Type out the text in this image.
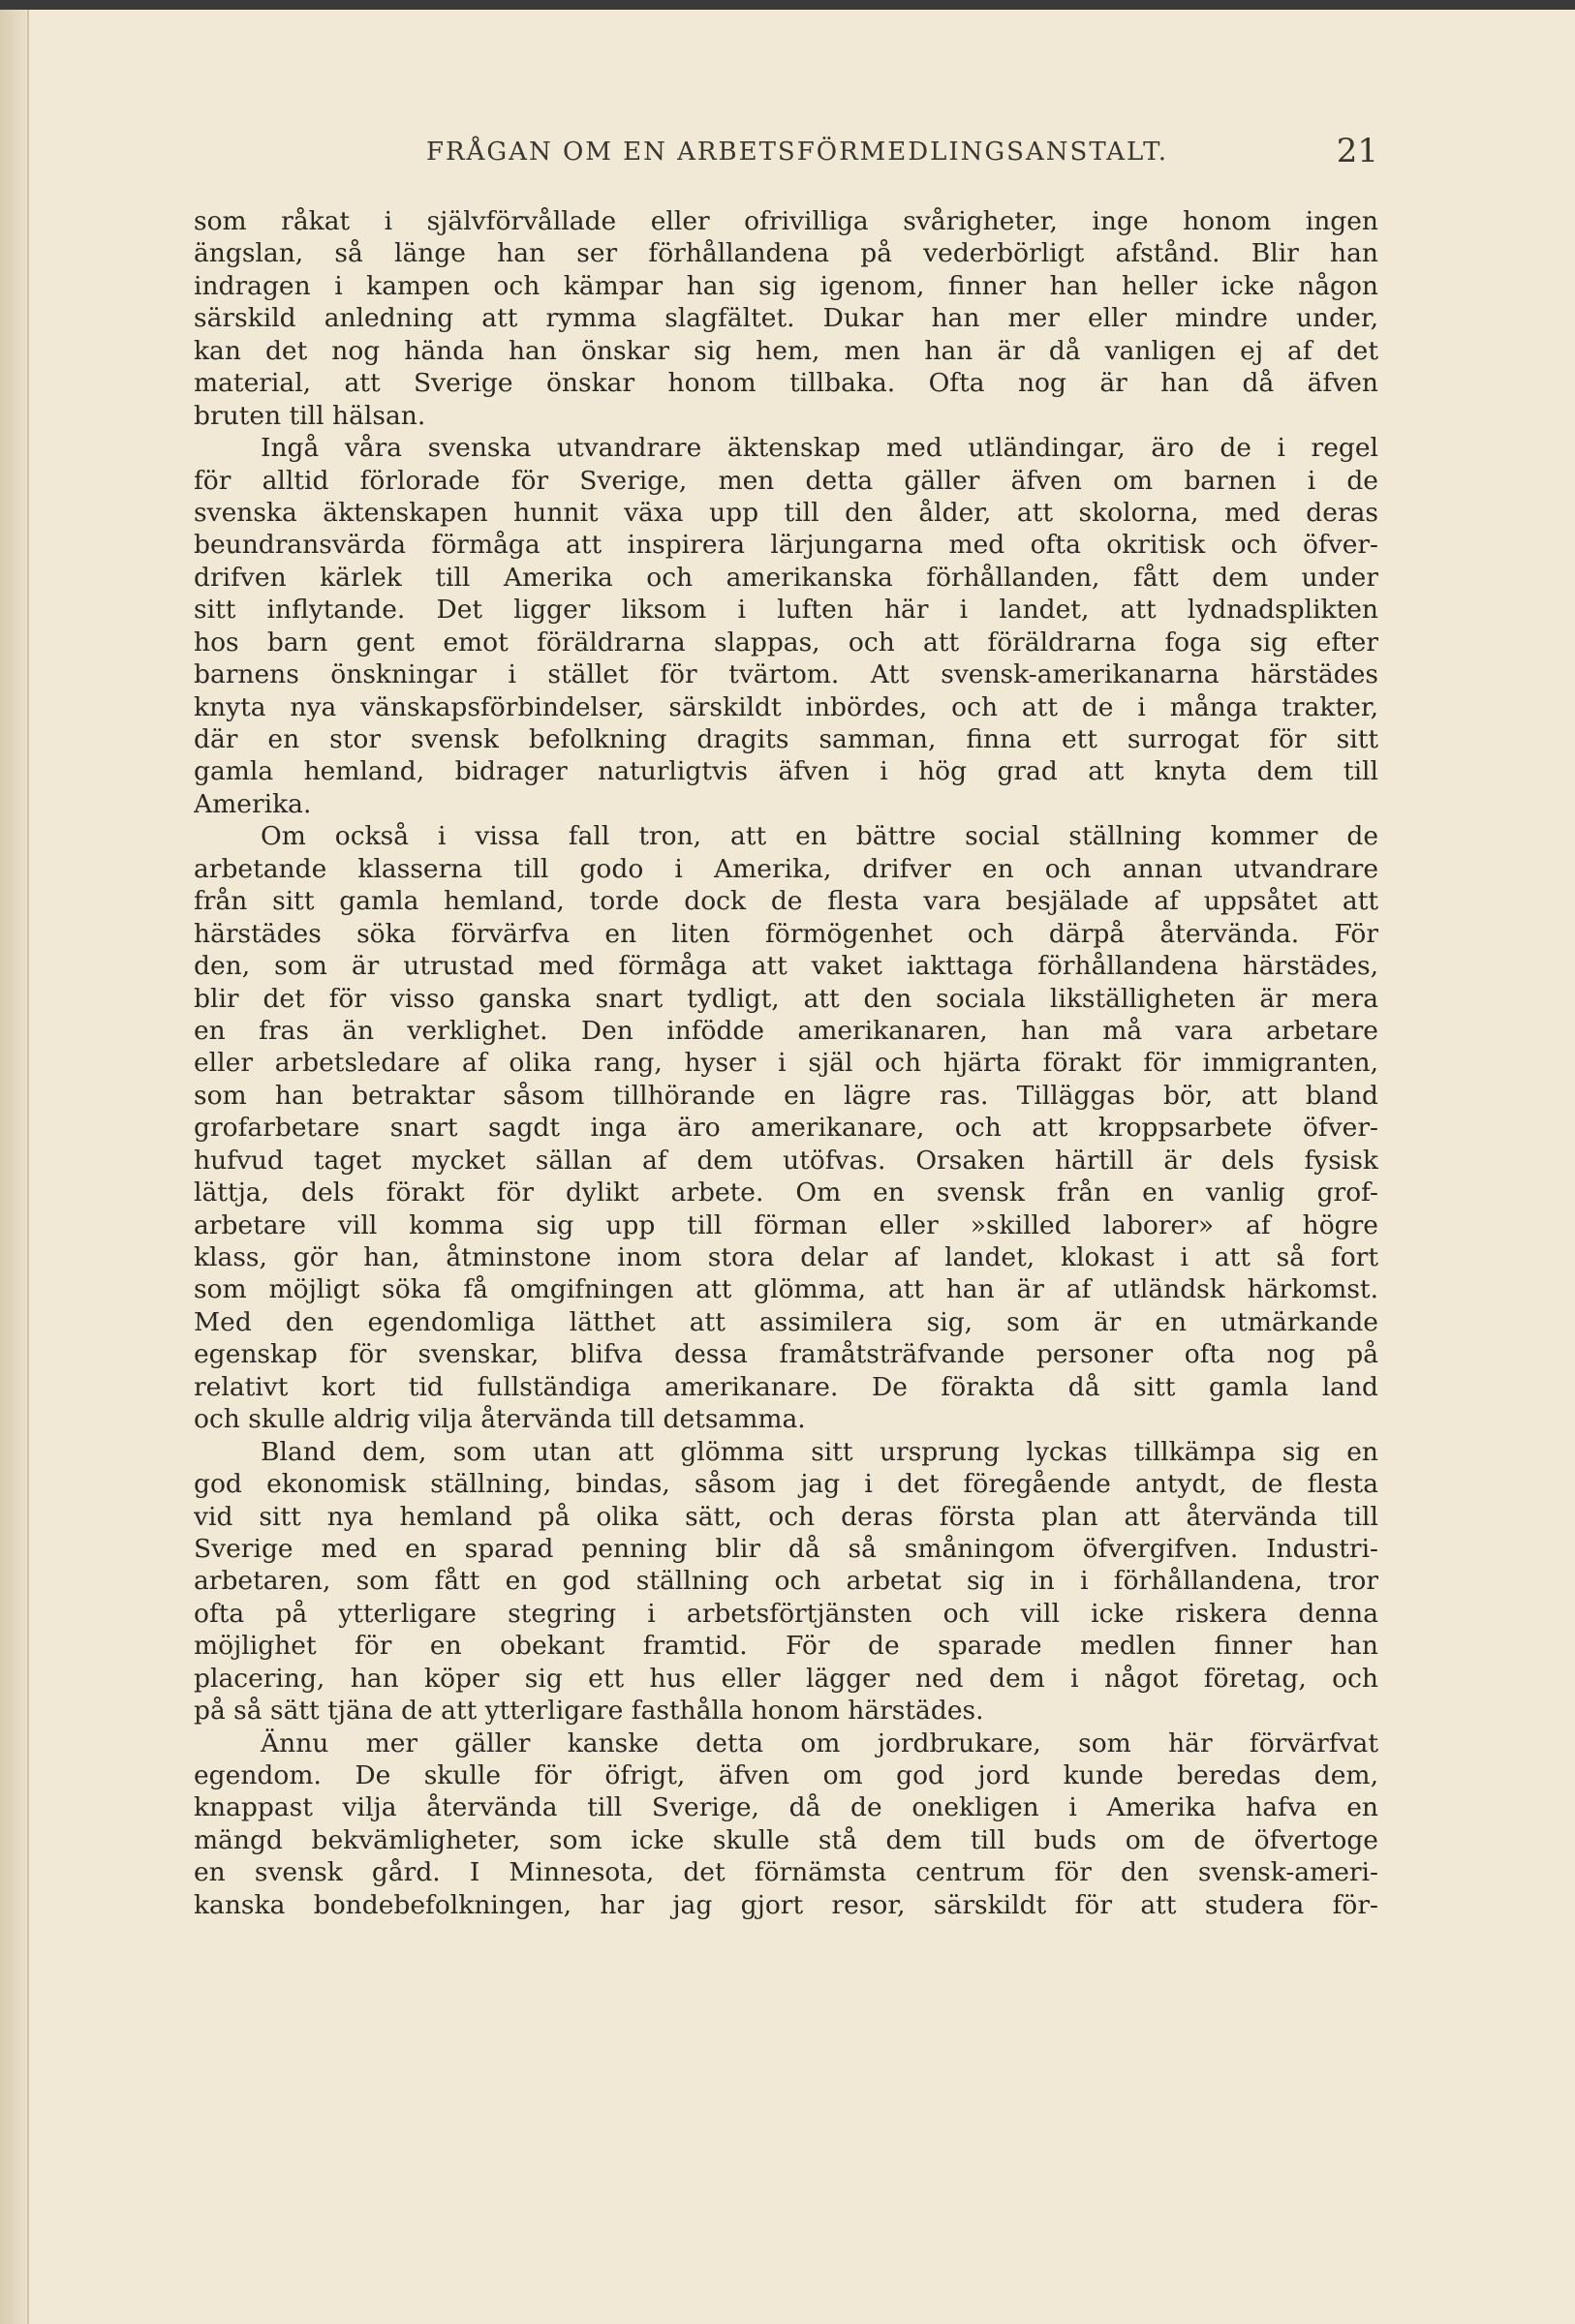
FRÅGAN OM EN ARBETSFÖRMEDLINGSANSTALT.	21
som råkat i självförvållade eller ofrivilliga svårigheter, inge honom ingen
ängslan, så länge han ser förhållandena på vederbörligt afstånd. Blir han
indragen i kampen och kämpar han sig igenom, finner han heller icke någon
särskild anledning att rymma slagfältet. Dukar han mer eller mindre under,
kan det nog hända han önskar sig hem, men han är då vanligen ej af det
material, att Sverige önskar honom tillbaka. Ofta nog är han då äfven
bruten till hälsan.
Ingå våra svenska utvandrare äktenskap med utländingar, äro de i regel
för alltid förlorade för Sverige, men detta gäller äfven om barnen i de
svenska äktenskapen hunnit växa upp till den ålder, att skolorna, med deras
beundransvärda förmåga att inspirera lärjungarna med ofta okritisk och öfver-
drifven kärlek till Amerika och amerikanska förhållanden, fått dem under
sitt inflytande. Det ligger liksom i luften här i landet, att lydnadsplikten
hos barn gent emot föräldrarna slappas, och att föräldrarna foga sig efter
barnens önskningar i stället för tvärtom. Att svensk-amerikanarna härstädes
knyta nya vänskapsförbindelser, särskildt inbördes, och att de i många trakter,
där en stor svensk befolkning dragits samman, finna ett surrogat för sitt
gamla hemland, bidrager naturligtvis äfven i hög grad att knyta dem till
Amerika.
Om också i vissa fall tron, att en bättre social ställning kommer de
arbetande klasserna till godo i Amerika, drifver en och annan utvandrare
från sitt gamla hemland, torde dock de flesta vara besjälade af uppsåtet att
härstädes söka förvärfva en liten förmögenhet och därpå återvända. För
den, som är utrustad med förmåga att vaket iakttaga förhållandena härstädes,
blir det för visso ganska snart tydligt, att den sociala likställigheten är mera
en fras än verklighet. Den infödde amerikanaren, han må vara arbetare
eller arbetsledare af olika rang, hyser i själ och hjärta förakt för immigranten,
som han betraktar såsom tillhörande en lägre ras. Tilläggas bör, att bland
grofarbetare snart sagdt inga äro amerikanare, och att kroppsarbete öfver-
hufvud taget mycket sällan af dem utöfvas. Orsaken härtill är dels fysisk
lättja, dels förakt för dylikt arbete. Om en svensk från en vanlig grof-
arbetare vill komma sig upp till förman eller »skilled laborer» af högre
klass, gör han, åtminstone inom stora delar af landet, klokast i att så fort
som möjligt söka få omgifningen att glömma, att han är af utländsk härkomst.
Med den egendomliga lätthet att assimilera sig, som är en utmärkande
egenskap för svenskar, blifva dessa framåtsträfvande personer ofta nog på
relativt kort tid fullständiga amerikanare. De förakta då sitt gamla land
och skulle aldrig vilja återvända till detsamma.
Bland dem, som utan att glömma sitt ursprung lyckas tillkämpa sig en
god ekonomisk ställning, bindas, såsom jag i det föregående antydt, de flesta
vid sitt nya hemland på olika sätt, och deras första plan att återvända till
Sverige med en sparad penning blir då så småningom öfvergifven. Industri-
arbetaren, som fått en god ställning och arbetat sig in i förhållandena, tror
ofta på ytterligare stegring i arbetsförtjänsten och vill icke riskera denna
möjlighet för en obekant framtid. För de sparade medlen finner han
placering, han köper sig ett hus eller lägger ned dem i något företag, och
på så sätt tjäna de att ytterligare fasthålla honom härstädes.
Ännu mer gäller kanske detta om jordbrukare, som här förvärfvat
egendom. De skulle för öfrigt, äfven om god jord kunde beredas dem,
knappast vilja återvända till Sverige, då de onekligen i Amerika hafva en
mängd bekvämligheter, som icke skulle stå dem till buds om de öfvertoge
en svensk gård. I Minnesota, det förnämsta centrum för den svensk-ameri-
kanska bondebefolkningen, har jag gjort resor, särskildt för att studera för-
